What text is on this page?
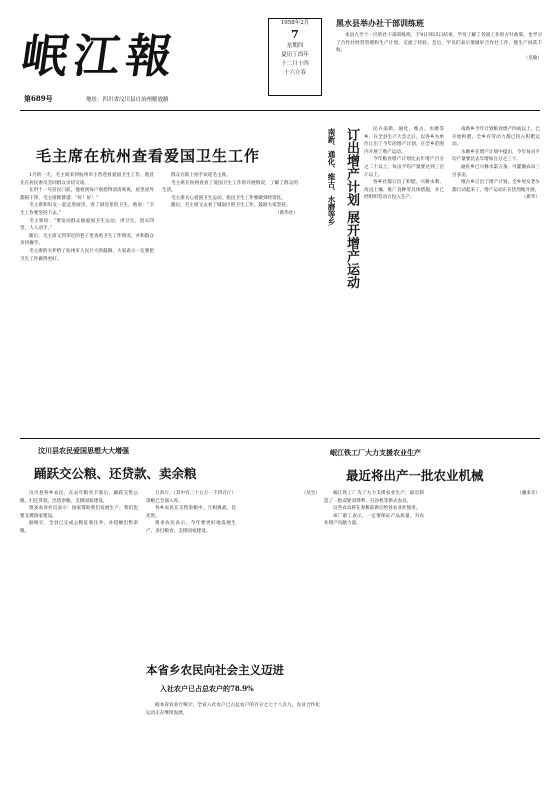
岷江報
第689号	地址：四川省汶川县自治州解放路
1958年2月
7
星期四
夏历丁酉年
十二月十四
十六立春
黑水县举办社干部训练班

本县九至十一区的社干部训练班，于9日到15日结束。学员了解了各项工作的方针政策，也学习了合作社经营管理和生产计划，交流了经验。会后，学员们表示要做好合作社工作，使生产再获丰收。

（克敏）
毛主席在杭州查看爱国卫生工作

1月的一天，毛主席来到杭州市小营巷看爱国卫生工作，他首先在居民委员会同群众亲切交谈。

在卅十一号居民门前，他看到每户收拾得清清爽爽，屋里屋外都很干净，毛主席称赞道：“好！好！”

毛主席和妇女一起走进厨房，看了厨房里的卫生，他说：“卫生工作要坚持下去。”

毛主席说：“要发动群众搞爱国卫生运动，讲卫生，消灭四害，人人动手。”

随后，毛主席又到邻近的巷子里查看卫生工作情况，并和群众亲切握手。

毛主席的关怀给了杭州市人民巨大的鼓舞，大家表示一定要把卫生工作做得更好。

群众在街上拍手欢迎毛主席。

毛主席在杭州查看了爱国卫生工作的开展情况，了解了群众的生活。

毛主席关心爱国卫生运动，指出卫生工作要做到经常化。

随后，毛主席又去看了城南区的卫生工作，鼓励大家坚持。

（新华社）	南新、通化、维古、水磨等乡 订出增产计划 展开增产运动	民兵南新、通化、维古、水磨等乡，在全县生产大会之后，以各乡为单位订出了今年的增产计划，在全乡范围内开展了增产运动。

今年粮食增产计划比去年增产百分之二十以上，每亩平均产量要达到三百斤以上。

各乡社都订出了积肥、兴修水利、改良土壤、推广良种等具体措施，并已经组织劳动力投入生产。

南新乡今年计划粮食增产四成以上，已开始积肥，全乡有劳动力都已投入积肥运动。

水磨乡在增产计划中提出，今年每亩平均产量要比去年增加百分之三十。

通化乡已兴修水渠五条，可灌溉农田三百多亩。

维古乡订出了增产计划，全乡男女老少都行动起来了，增产运动正在热烈地开展。

（新华）
汶川县农民爱国思想大大增强
踊跃交公粮、还贷款、卖余粮

汶川县各乡农民，在去年粮食丰收后，踊跃交售公粮、归还贷款、出售余粮，支援国家建设。

很多农业社员表示：国家帮助我们发展生产，我们也要支援国家建设。

据统计，全县已完成公粮征收任务，并超额出售余粮。

万余斤。（其中有三十五万一千四百斤）余粮已全部入库。

各乡农民在交售余粮中，互相挑战，比先进。

很多农民表示，今年要更好地发展生产，多打粮食，支援国家建设。

（从生）
本省乡农民向社会主义迈进
入社农户已占总农户的78.9%

据本省农业厅统计，全省入社农户已占总农户的百分之七十八点九，农业合作化运动正在继续发展。

岷江铁工厂大力支援农业生产
最近将出产一批农业机械

岷江铁工厂为了大力支援农业生产，最近制造了一批双轮双铧犁、打谷机等新式农具。

这些农具将在春耕前供应给各农业社使用。

该厂职工表示，一定要保证产品质量，为农业增产贡献力量。

（潘本寺）
